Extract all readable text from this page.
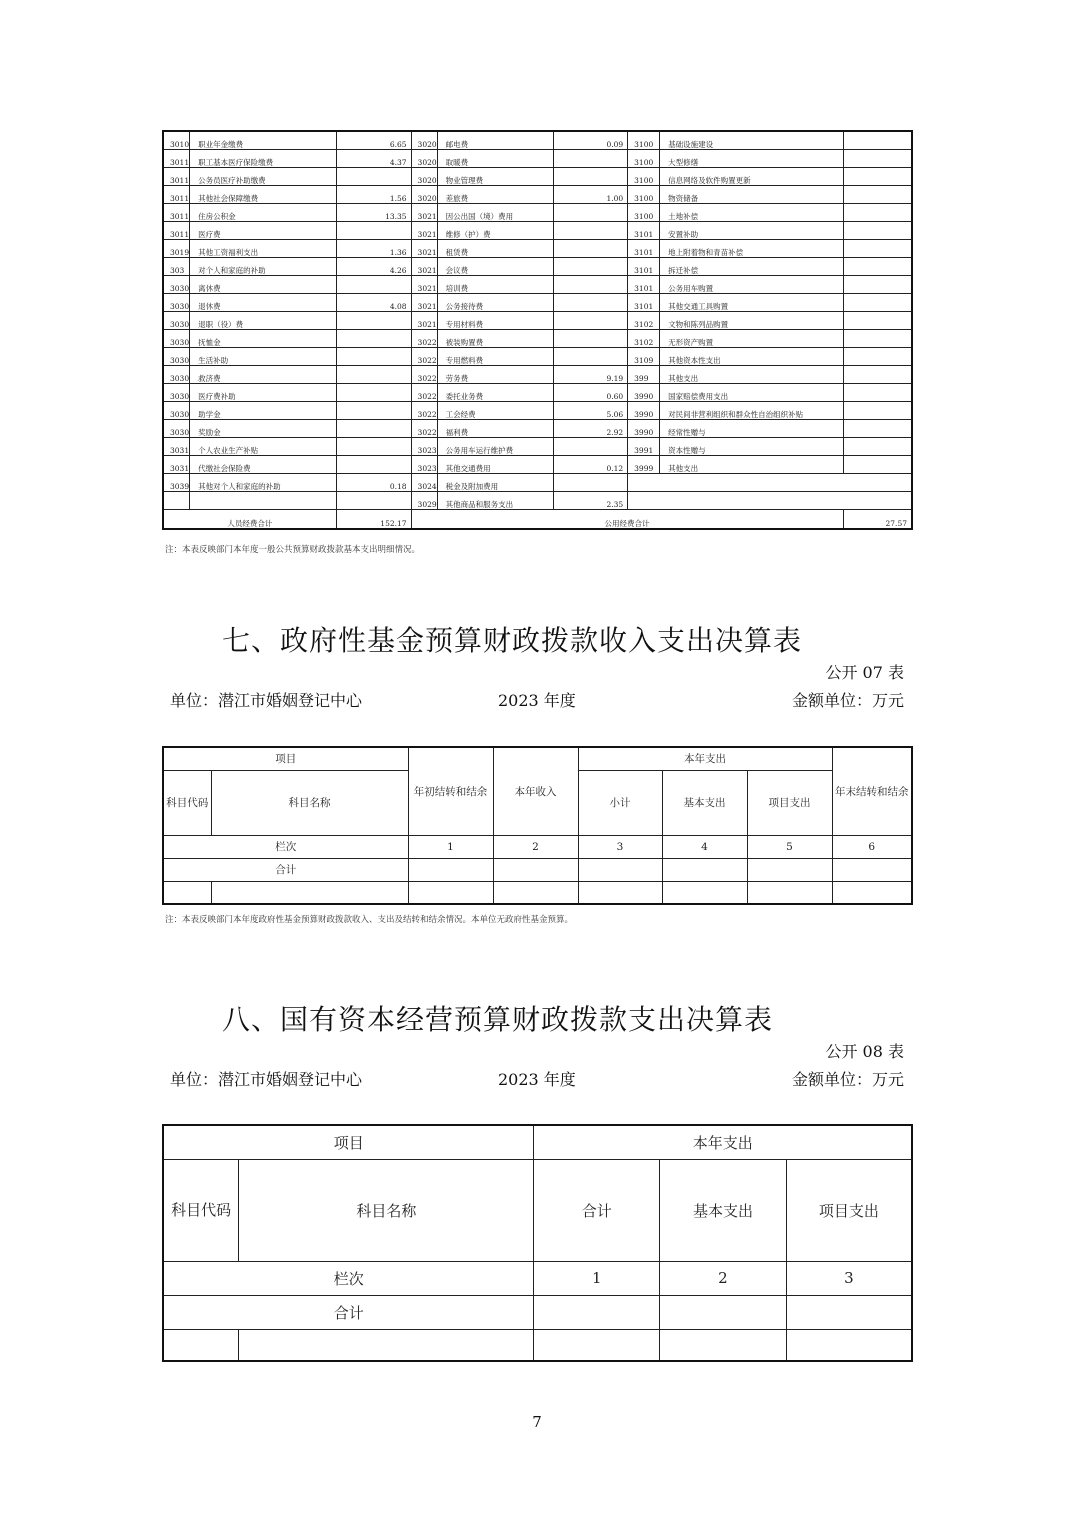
3010	职业年金缴费	6.65	3020	邮电费	0.09	3100	基础设施建设	
3011	职工基本医疗保险缴费	4.37	3020	取暖费		3100	大型修缮	
3011	公务员医疗补助缴费		3020	物业管理费		3100	信息网络及软件购置更新	
3011	其他社会保障缴费	1.56	3020	差旅费	1.00	3100	物资储备	
3011	住房公积金	13.35	3021	因公出国（境）费用		3100	土地补偿	
3011	医疗费		3021	维修（护）费		3101	安置补助	
3019	其他工资福利支出	1.36	3021	租赁费		3101	地上附着物和青苗补偿	
303	对个人和家庭的补助	4.26	3021	会议费		3101	拆迁补偿	
3030	离休费		3021	培训费		3101	公务用车购置	
3030	退休费	4.08	3021	公务接待费		3101	其他交通工具购置	
3030	退职（役）费		3021	专用材料费		3102	文物和陈列品购置	
3030	抚恤金		3022	被装购置费		3102	无形资产购置	
3030	生活补助		3022	专用燃料费		3109	其他资本性支出	
3030	救济费		3022	劳务费	9.19	399	其他支出	
3030	医疗费补助		3022	委托业务费	0.60	3990	国家赔偿费用支出	
3030	助学金		3022	工会经费	5.06	3990	对民间非营利组织和群众性自治组织补贴	
3030	奖励金		3022	福利费	2.92	3990	经常性赠与	
3031	个人农业生产补贴		3023	公务用车运行维护费		3991	资本性赠与	
3031	代缴社会保险费		3023	其他交通费用	0.12	3999	其他支出	
3039	其他对个人和家庭的补助	0.18	3024	税金及附加费用				
			3029	其他商品和服务支出	2.35			
人员经费合计		152.17	公用经费合计					27.57
注：本表反映部门本年度一般公共预算财政拨款基本支出明细情况。
七、政府性基金预算财政拨款收入支出决算表
公开 07 表
单位：潜江市婚姻登记中心	2023 年度	金额单位：万元
项目		年初结转和结余	本年收入	本年支出			年末结转和结余
科目代码	科目名称			小计	基本支出	项目支出	
栏次		1	2	3	4	5	6
合计							

注：本表反映部门本年度政府性基金预算财政拨款收入、支出及结转和结余情况。本单位无政府性基金预算。
八、国有资本经营预算财政拨款支出决算表
公开 08 表
单位：潜江市婚姻登记中心	2023 年度	金额单位：万元
项目		本年支出		
科目代码	科目名称	合计	基本支出	项目支出
栏次		1	2	3
合计				

7
